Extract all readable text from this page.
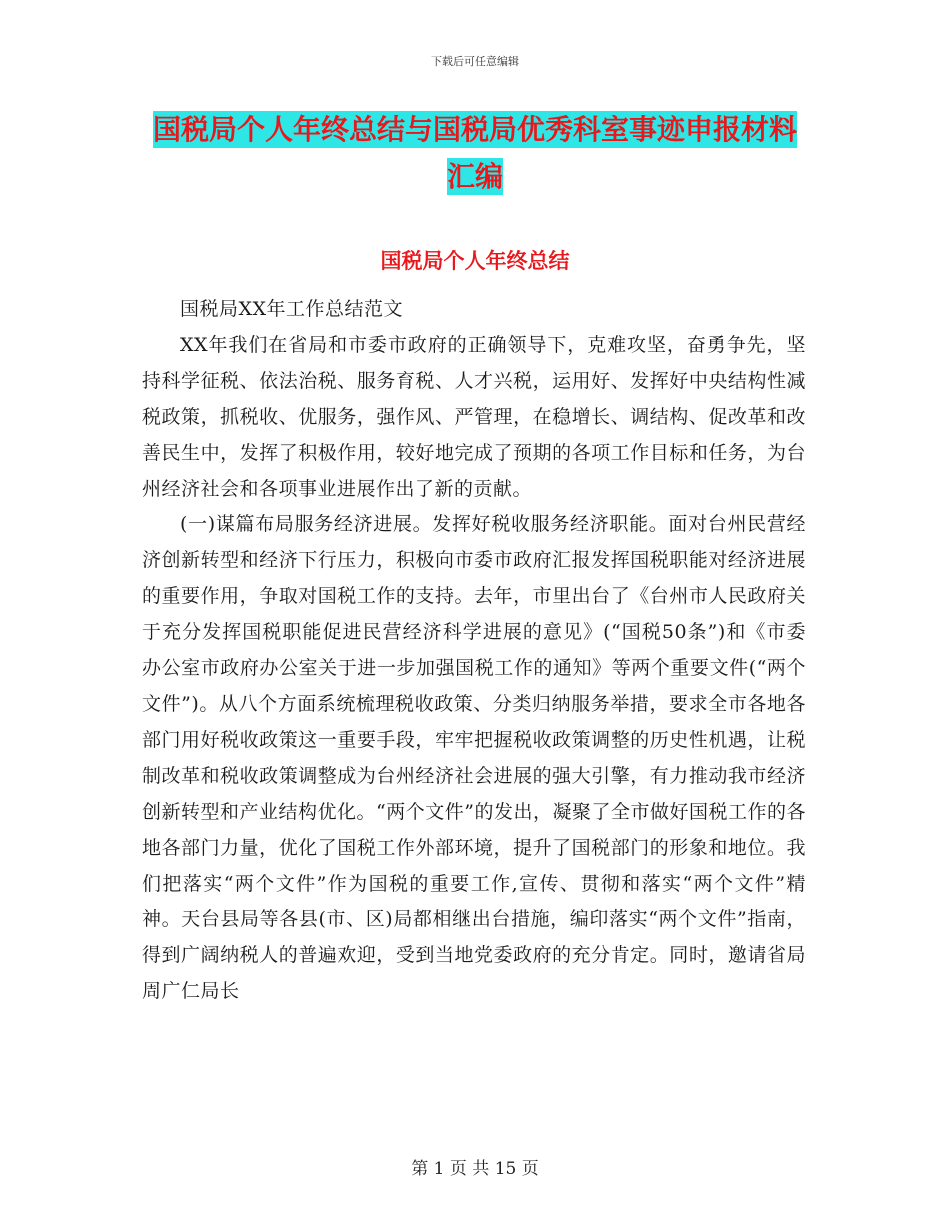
下载后可任意编辑
国税局个人年终总结与国税局优秀科室事迹申报材料
汇编
国税局个人年终总结

国税局XX年工作总结范文

XX年我们在省局和市委市政府的正确领导下，克难攻坚，奋勇争先，坚持科学征税、依法治税、服务育税、人才兴税，运用好、发挥好中央结构性减税政策，抓税收、优服务，强作风、严管理，在稳增长、调结构、促改革和改善民生中，发挥了积极作用，较好地完成了预期的各项工作目标和任务，为台州经济社会和各项事业进展作出了新的贡献。

(一)谋篇布局服务经济进展。发挥好税收服务经济职能。面对台州民营经济创新转型和经济下行压力，积极向市委市政府汇报发挥国税职能对经济进展的重要作用，争取对国税工作的支持。去年，市里出台了《台州市人民政府关于充分发挥国税职能促进民营经济科学进展的意见》(“国税50条”)和《市委办公室市政府办公室关于进一步加强国税工作的通知》等两个重要文件(“两个文件”)。从八个方面系统梳理税收政策、分类归纳服务举措，要求全市各地各部门用好税收政策这一重要手段，牢牢把握税收政策调整的历史性机遇，让税制改革和税收政策调整成为台州经济社会进展的强大引擎，有力推动我市经济创新转型和产业结构优化。“两个文件”的发出，凝聚了全市做好国税工作的各地各部门力量，优化了国税工作外部环境，提升了国税部门的形象和地位。我们把落实“两个文件”作为国税的重要工作,宣传、贯彻和落实“两个文件”精神。天台县局等各县(市、区)局都相继出台措施，编印落实“两个文件”指南，得到广阔纳税人的普遍欢迎，受到当地党委政府的充分肯定。同时，邀请省局周广仁局长

第 1 页 共 15 页
